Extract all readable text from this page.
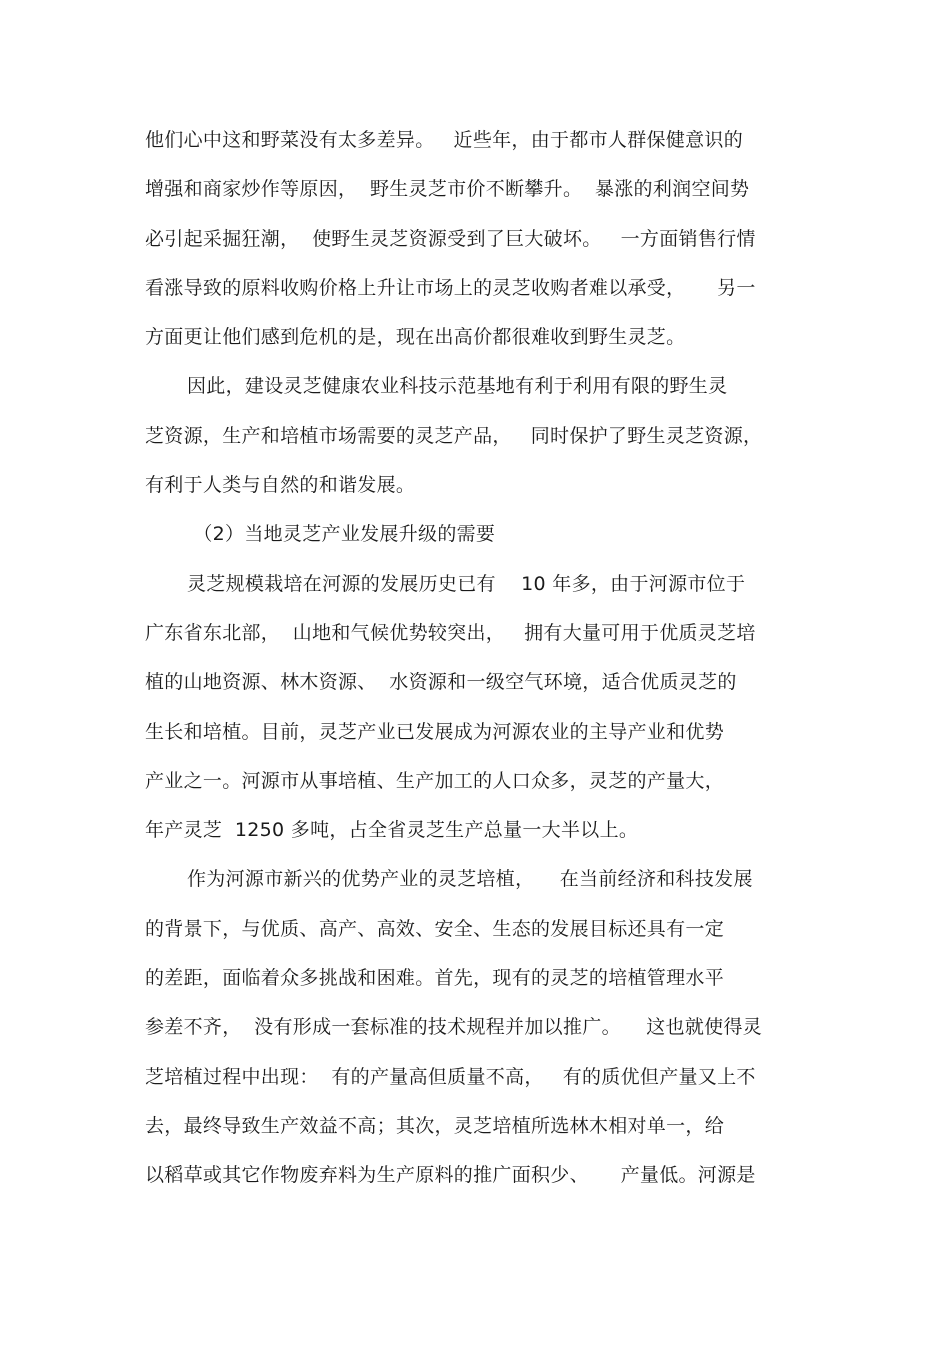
他们心中这和野菜没有太多差异。   近些年，由于都市人群保健意识的
增强和商家炒作等原因，  野生灵芝市价不断攀升。  暴涨的利润空间势
必引起采掘狂潮，  使野生灵芝资源受到了巨大破坏。   一方面销售行情
看涨导致的原料收购价格上升让市场上的灵芝收购者难以承受，     另一
方面更让他们感到危机的是，现在出高价都很难收到野生灵芝。
因此，建设灵芝健康农业科技示范基地有利于利用有限的野生灵
芝资源，生产和培植市场需要的灵芝产品，   同时保护了野生灵芝资源，
有利于人类与自然的和谐发展。
（2）当地灵芝产业发展升级的需要
灵芝规模栽培在河源的发展历史已有    10 年多，由于河源市位于
广东省东北部，  山地和气候优势较突出，   拥有大量可用于优质灵芝培
植的山地资源、林木资源、  水资源和一级空气环境，适合优质灵芝的
生长和培植。目前，灵芝产业已发展成为河源农业的主导产业和优势
产业之一。河源市从事培植、生产加工的人口众多，灵芝的产量大，
年产灵芝  1250 多吨，占全省灵芝生产总量一大半以上。
作为河源市新兴的优势产业的灵芝培植，    在当前经济和科技发展
的背景下，与优质、高产、高效、安全、生态的发展目标还具有一定
的差距，面临着众多挑战和困难。首先，现有的灵芝的培植管理水平
参差不齐，  没有形成一套标准的技术规程并加以推广。    这也就使得灵
芝培植过程中出现：  有的产量高但质量不高，   有的质优但产量又上不
去，最终导致生产效益不高；其次，灵芝培植所选林木相对单一，给
以稻草或其它作物废弃料为生产原料的推广面积少、     产量低。河源是
